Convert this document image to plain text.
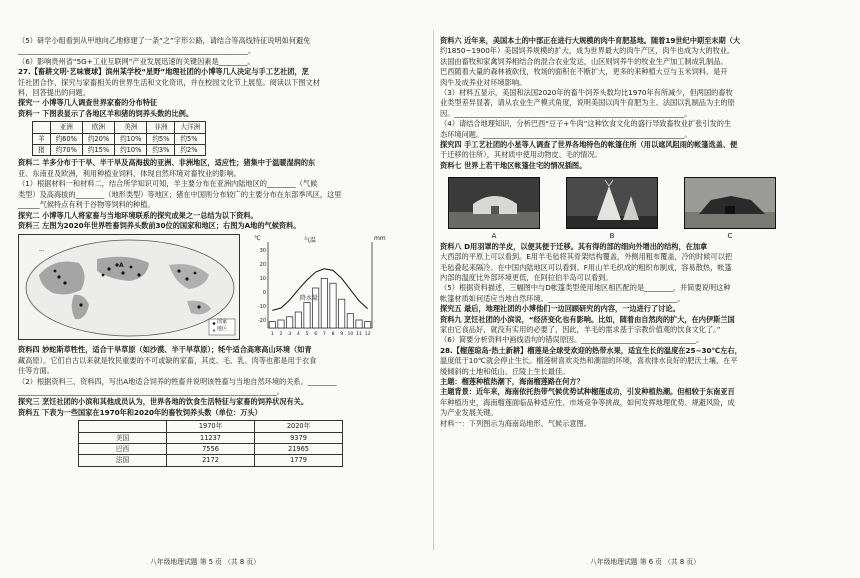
（5）研学小组看到从甲地向乙地修建了一条“之”字形公路，请结合等高线特征说明如何避免
________________________________________________________________。
（6）影响贵州省“5G+工业互联网”产业发展迅速的关键因素是________。
27.【畜耕文明·艺味寰球】滨州某学校“星野”地理社团的小博等几人决定与手工艺社团，烹
饪社团合作，探究与家畜相关的世界生活和文化资讯，并在校园文化节上展览。阅读以下图文材
料，回答提出的问题。
探究一 小博等几人调查世界家畜的分布特征
资料一 下图表显示了各地区羊和猪的饲养头数的比例。
	亚洲	欧洲	美洲	非洲	大洋洲
羊	约60%	约20%	约10%	约5%	约5%
猪	约70%	约15%	约10%	约3%	约2%
资料二 羊多分布于干旱、半干旱及高海拔的亚洲、非洲地区，适应性；猪集中于温暖湿润的东
亚、东南亚及欧洲，利用种植业饲料，体现自然环境对畜牧业的影响。
（1）根据材料一和材料二，结合所学知识可知，羊主要分布在亚洲内陆地区的________（气候
类型）及高海拔的________（地形类型）等地区；猪在中国则分布较广的主要分布在东部季风区，这里
______气候特点有利于谷物等饲料的种植。
探究二 小博等几人将家畜与当地环境联系的探究成果之一总结为以下资料。
资料三 左图为2020年世界牲畜饲养头数前30位的国家和地区；右图为A地的气候资料。
···
国家
地区
A
℃	mm
气温
降水量
30
20
10
0
-10
-20
1	2	3	4	5	6	7	8	9 10 11 12
资料四 妙蛇斯草牲性，适合干旱草原（如沙漠、半干旱草原）；牦牛适合高寒高山环境（如青
藏高原）。它们自古以来就是牧民重要的不可或缺的家畜，其皮、毛、乳、肉等也都是用于衣食
住等方面。
（2）根据资料三、资料四，写出A地适合饲养的牲畜并说明该牲畜与当地自然环境的关系。________
________________________________________________________________________。
探究三 烹饪社团的小滨和其他成员认为，世界各地的饮食生活特征与家畜的饲养状况有关。
资料五 下表为一些国家在1970年和2020年的畜牧饲养头数（单位：万头）
	1970年	2020年
美国	11237	9379
巴西	7556	21965
法国	2172	1779
八年级地理试题 第 5 页 （共 8 页）
资料六 近年来，美国本土的中部正在进行大规模的肉牛育肥基地。随着19世纪中期至末期（大
约1850~1900年）美国饲养规模的扩大，成为世界最大的肉牛产区，肉牛也成为大的牧业。
法国由畜牧和家禽饲养相结合的混合农业发达，山区则饲养牛的牧业生产加工制成乳制品。
巴西随着大量的森林被砍伐，牧场的面积在不断扩大，更多的来种植大豆与玉米饲料、是开
肉牛及成养业对环境影响。
（3）材料五显示，美国和法国2020年的畜牛饲养头数均比1970年有所减少，但两国的畜牧
业类型差异显著，请从农业生产模式角度，说明美国以肉牛育肥为主、法国以乳制品为主的原
因。________________________________________________________________。
（4）请结合地理知识，分析巴西“豆子+牛肉”这种饮食文化的盛行导致畜牧业扩张引发的生
态环境问题。________________________________________________________。
探究四 手工艺社团的小星等人调查了世界各地特色的帐篷住所（用以遮风阻雨的帐篷选盖、便
于迁移的住所），其材质中使用动物皮、毛的情况。
资料七 世界上若干地区帐篷住宅的情况插图。
A	B	C
资料八 D用羽罩的羊皮，以便其便于迁移。其有得的部的细向外增出的结构，在加拿
大西部的平原上可以看到。E用羊毛毡将其骨架结构覆盖，外侧用粗布覆盖，冷的时候可以把
毛毡叠起来隔冷。在中国内陆地区可以看到。F用山羊毛织成的粗织布制成，容易散热，帐篷
内部的温度比外部环境更低，在阿拉伯半岛可以看到。
（5）根据资料描述，三幅图中与D帐篷类型使用地区相匹配的是________，并简要说明这种
帐篷材质如何适应当地自然环境。____________________________________。
探究五 最后，地理社团的小博他们一边回顾研究的内容，一边进行了讨论。
资料九 烹饪社团的小滨说，“经济变化也有影响。比如，随着由自然肉的扩大，在内伊斯兰国
家由它食品好，就没有实用的必要了，因此，羊毛的需求基于宗教价值观的饮食文化了。”
（6）简要分析资料中画线语句的错误原因。________________________________。
28.【榴莲琼岛·热土新耕】榴莲是全球受欢迎的热带水果，适宜生长的温度在25~30℃左右，
温度低于10℃就会停止生长。榴莲树喜欢炎热和潮湿的环境，喜欢排水良好的肥沃土壤，在平
缓倾斜的土地和低山、丘陵上生长最佳。
主题：榴莲种植热潮下，海南榴莲路在何方？
主题背景：近年来，海南依托热带气候优势试种榴莲成功，引发种植热潮。但相较于东南亚百
年种植历史，海南榴莲面临品种适应性、市场竞争等挑战，如何发挥地理优势、规避风险，成
为产业发展关键。
材料一：下列图示为海南岛地形、气候示意图。
八年级地理试题 第 6 页 （共 8 页）
